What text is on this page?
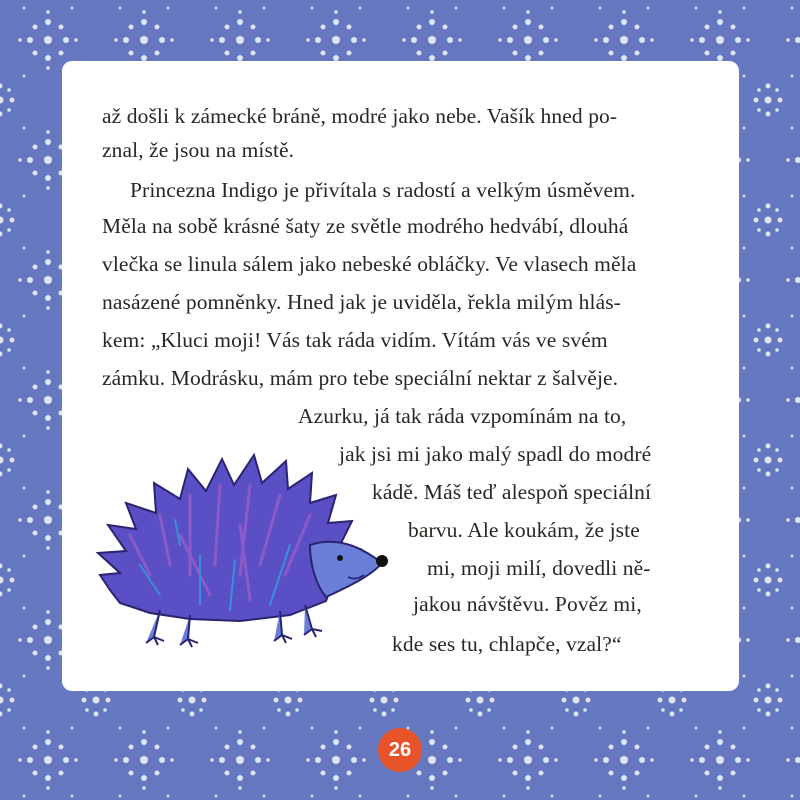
až došli k zámecké bráně, modré jako nebe. Vašík hned po-
znal, že jsou na místě.
Princezna Indigo je přivítala s radostí a velkým úsměvem.
Měla na sobě krásné šaty ze světle modrého hedvábí, dlouhá
vlečka se linula sálem jako nebeské obláčky. Ve vlasech měla
nasázené pomněnky. Hned jak je uviděla, řekla milým hlás-
kem: „Kluci moji! Vás tak ráda vidím. Vítám vás ve svém
zámku. Modrásku, mám pro tebe speciální nektar z šalvěje.
Azurku, já tak ráda vzpomínám na to,
jak jsi mi jako malý spadl do modré
kádě. Máš teď alespoň speciální
barvu. Ale koukám, že jste
mi, moji milí, dovedli ně-
jakou návštěvu. Pověz mi,
kde ses tu, chlapče, vzal?“
26
